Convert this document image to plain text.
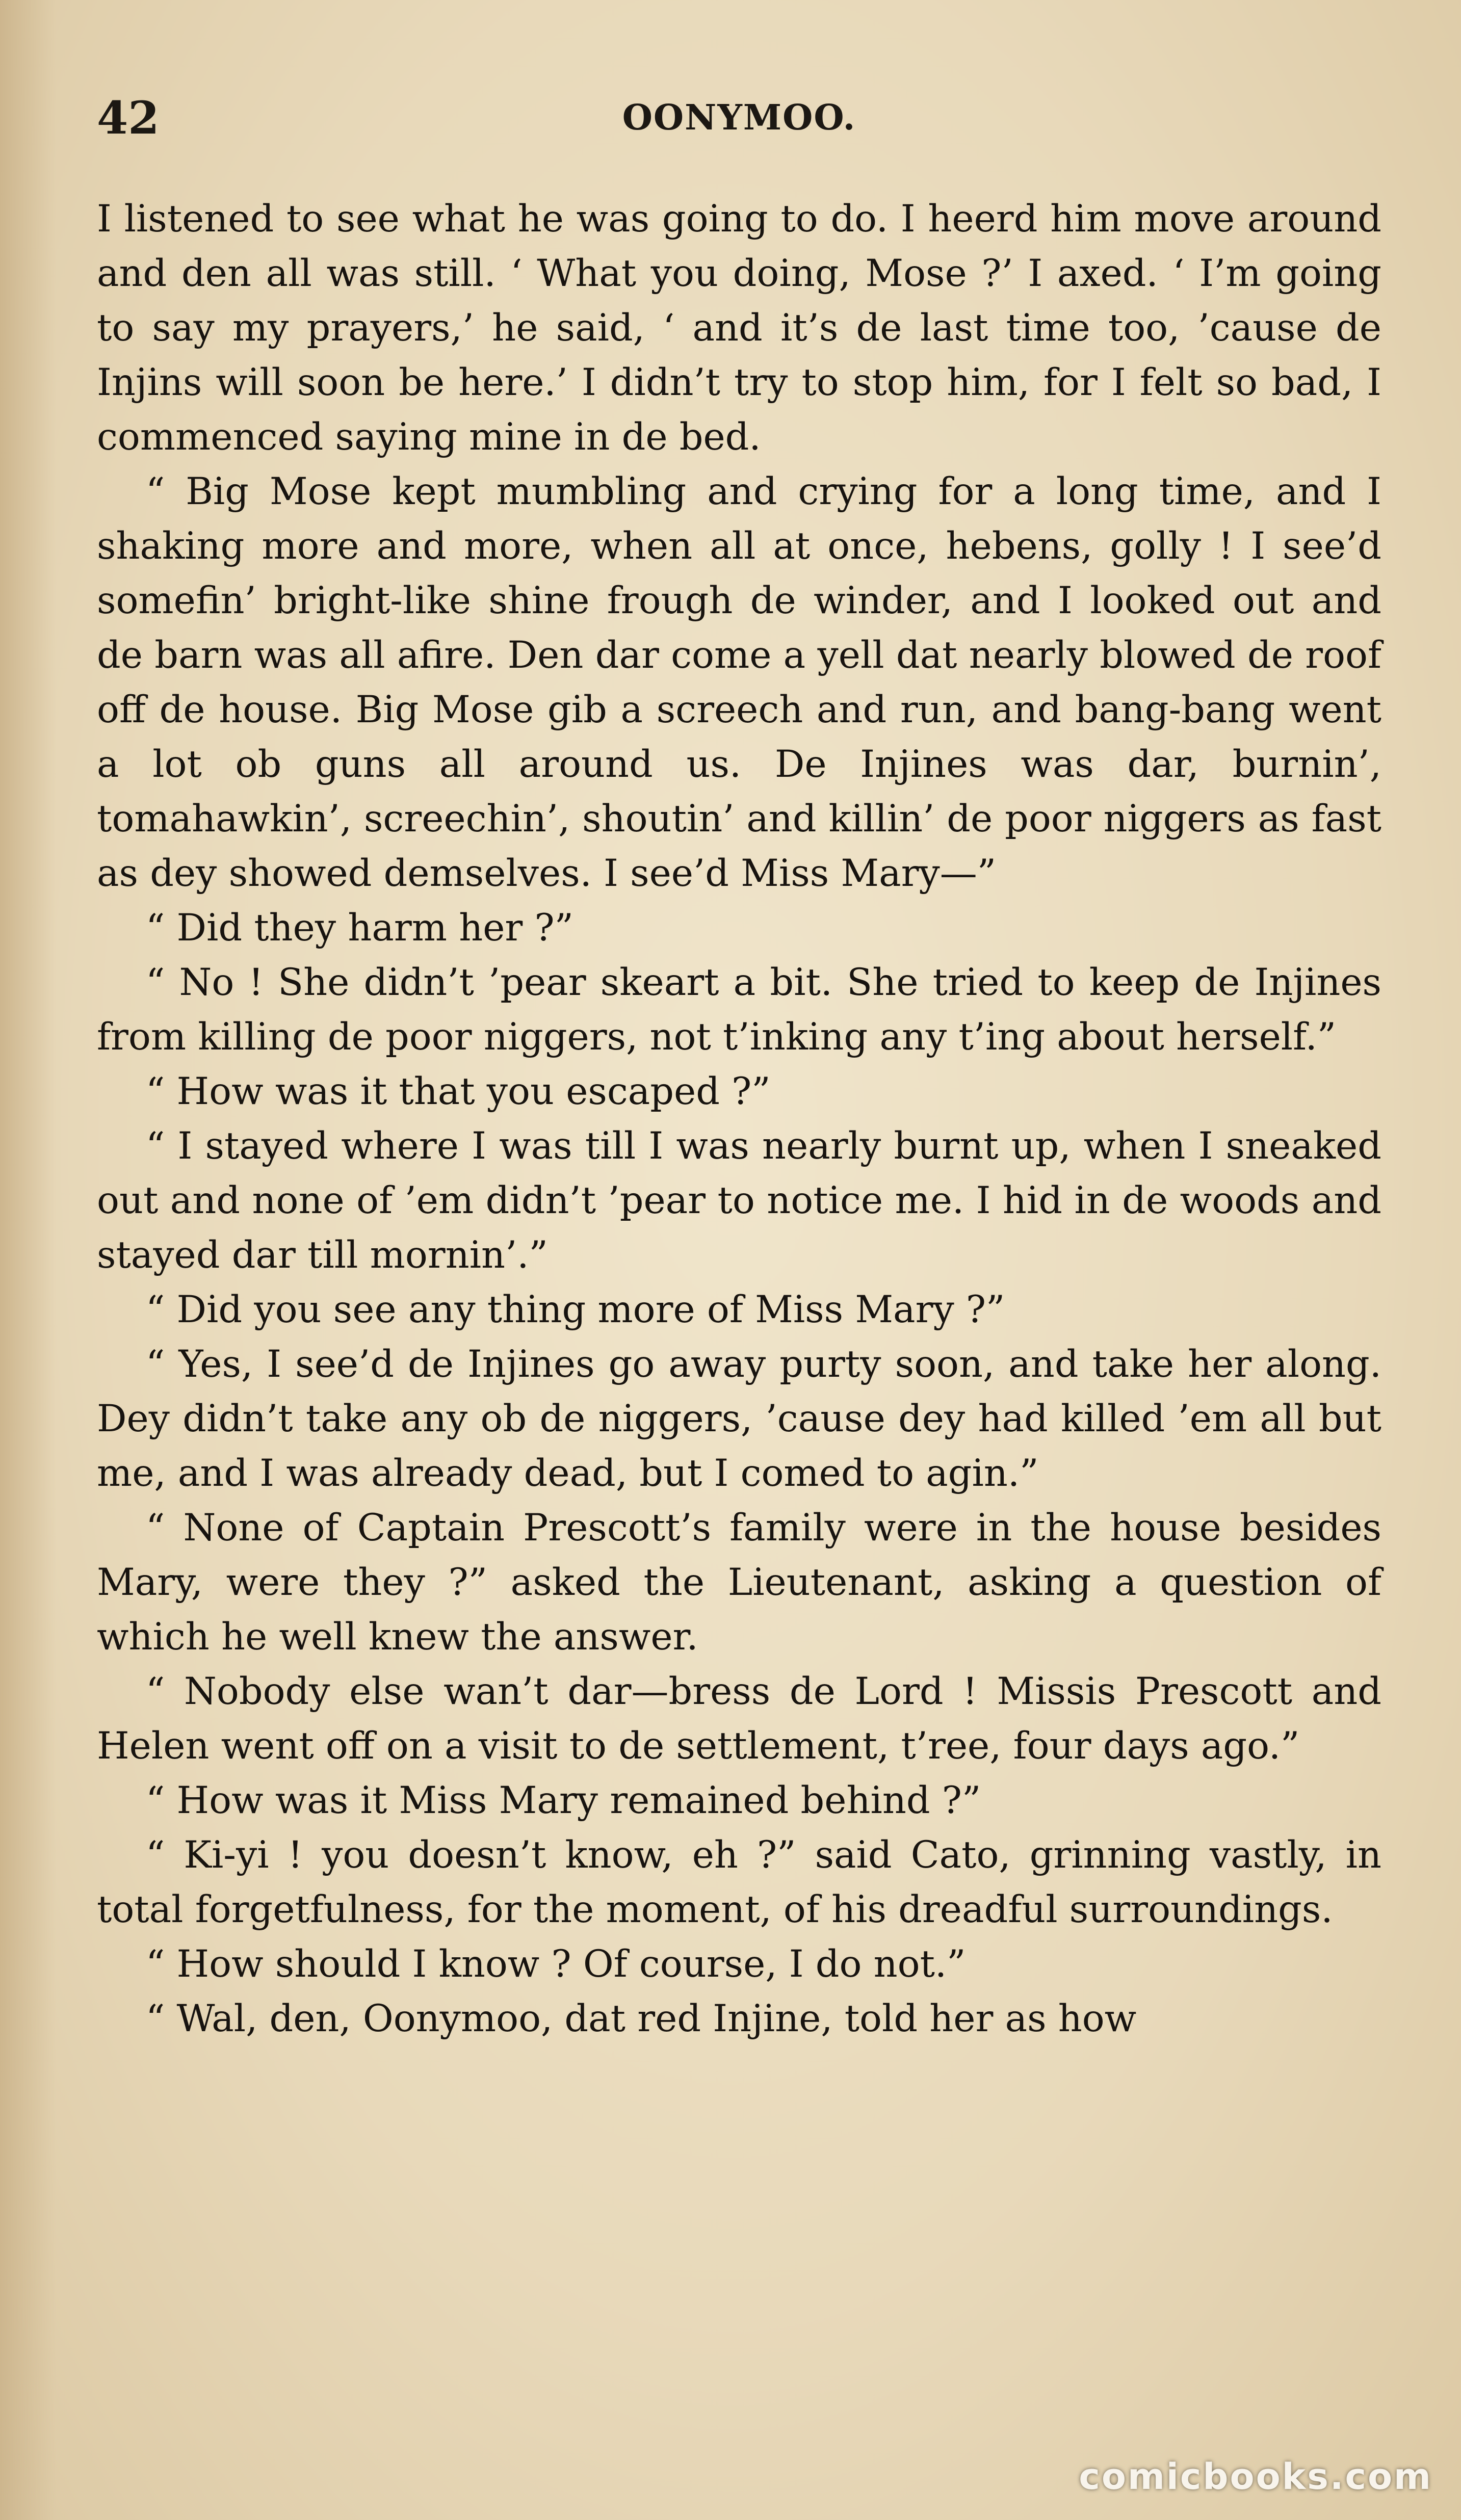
42	OONYMOO.

I listened to see what he was going to do. I heerd him move around and den all was still. ‘ What you doing, Mose ?’ I axed. ‘ I’m going to say my prayers,’ he said, ‘ and it’s de last time too, ’cause de Injins will soon be here.’ I didn’t try to stop him, for I felt so bad, I commenced saying mine in de bed.

“ Big Mose kept mumbling and crying for a long time, and I shaking more and more, when all at once, hebens, golly ! I see’d somefin’ bright-like shine frough de winder, and I looked out and de barn was all afire. Den dar come a yell dat nearly blowed de roof off de house. Big Mose gib a screech and run, and bang-bang went a lot ob guns all around us. De Injines was dar, burnin’, tomahawkin’, screechin’, shoutin’ and killin’ de poor niggers as fast as dey showed demselves. I see’d Miss Mary—”

“ Did they harm her ?”

“ No ! She didn’t ’pear skeart a bit. She tried to keep de Injines from killing de poor niggers, not t’inking any t’ing about herself.”

“ How was it that you escaped ?”

“ I stayed where I was till I was nearly burnt up, when I sneaked out and none of ’em didn’t ’pear to notice me. I hid in de woods and stayed dar till mornin’.”

“ Did you see any thing more of Miss Mary ?”

“ Yes, I see’d de Injines go away purty soon, and take her along. Dey didn’t take any ob de niggers, ’cause dey had killed ’em all but me, and I was already dead, but I comed to agin.”

“ None of Captain Prescott’s family were in the house besides Mary, were they ?” asked the Lieutenant, asking a question of which he well knew the answer.

“ Nobody else wan’t dar—bress de Lord ! Missis Prescott and Helen went off on a visit to de settlement, t’ree, four days ago.”

“ How was it Miss Mary remained behind ?”

“ Ki-yi ! you doesn’t know, eh ?” said Cato, grinning vastly, in total forgetfulness, for the moment, of his dreadful surroundings.

“ How should I know ? Of course, I do not.”

“ Wal, den, Oonymoo, dat red Injine, told her as how

comicbooks.com
